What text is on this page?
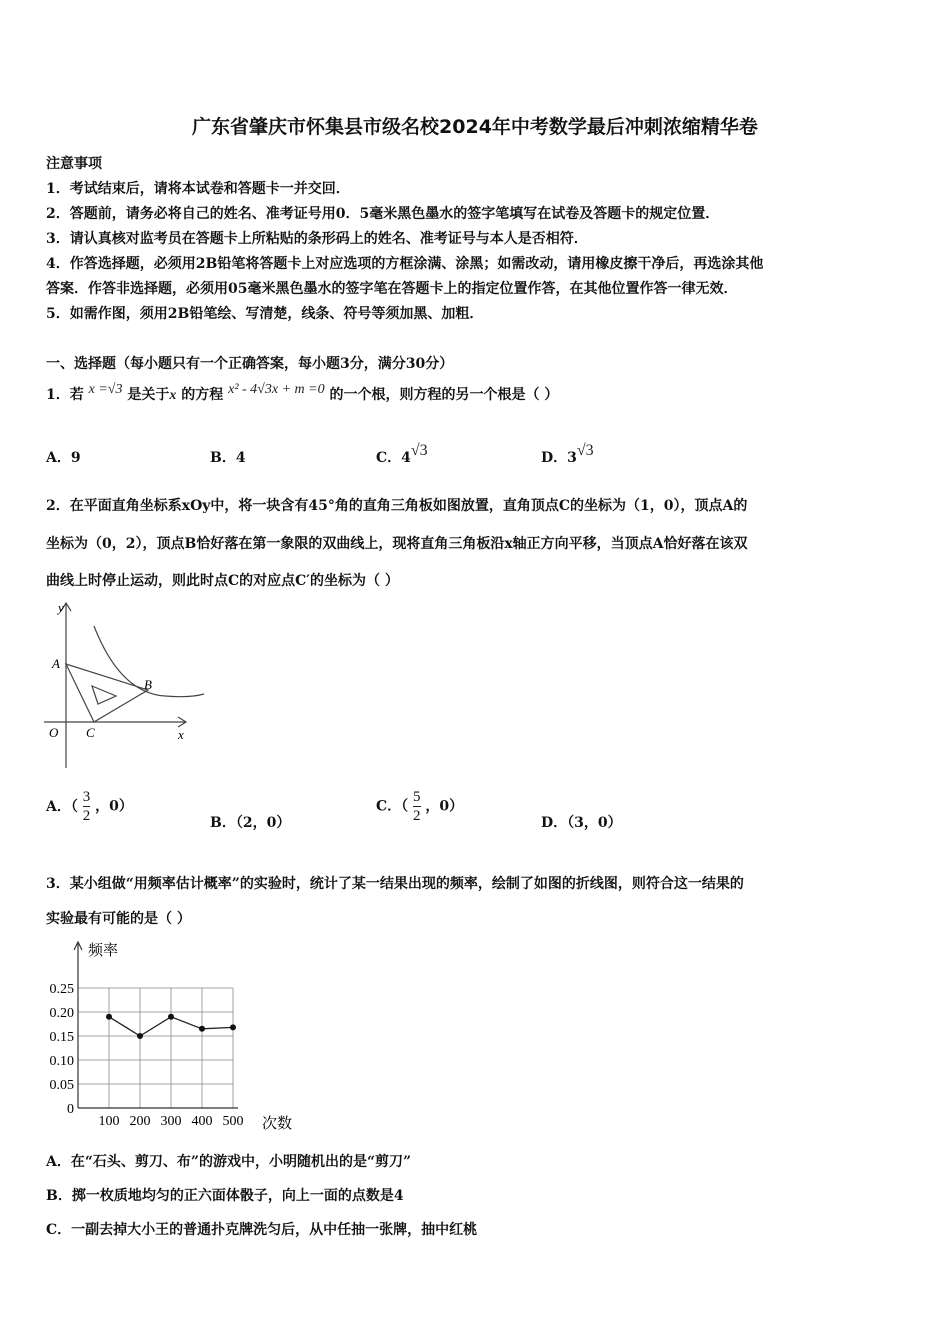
广东省肇庆市怀集县市级名校2024年中考数学最后冲刺浓缩精华卷
注意事项
1．考试结束后，请将本试卷和答题卡一并交回．
2．答题前，请务必将自己的姓名、准考证号用0．5毫米黑色墨水的签字笔填写在试卷及答题卡的规定位置．
3．请认真核对监考员在答题卡上所粘贴的条形码上的姓名、准考证号与本人是否相符．
4．作答选择题，必须用2B铅笔将答题卡上对应选项的方框涂满、涂黑；如需改动，请用橡皮擦干净后，再选涂其他
答案．作答非选择题，必须用05毫米黑色墨水的签字笔在答题卡上的指定位置作答，在其他位置作答一律无效．
5．如需作图，须用2B铅笔绘、写清楚，线条、符号等须加黑、加粗．
一、选择题（每小题只有一个正确答案，每小题3分，满分30分）
1．若 x =√3 是关于x 的方程 x² - 4√3x + m =0 的一个根，则方程的另一个根是（ ）
A．9	B．4	C．4√3	D．3√3
2．在平面直角坐标系xOy中，将一块含有45°角的直角三角板如图放置，直角顶点C的坐标为（1，0），顶点A的
坐标为（0，2），顶点B恰好落在第一象限的双曲线上，现将直角三角板沿x轴正方向平移，当顶点A恰好落在该双
曲线上时停止运动，则此时点C的对应点C′的坐标为（ ）
y
x
A
B
O C
A．（ $\frac{3}{2}$ ，0）
B．（2，0）
C．（ $\frac{5}{2}$ ，0）
D．（3，0）
3．某小组做“用频率估计概率”的实验时，统计了某一结果出现的频率，绘制了如图的折线图，则符合这一结果的
实验最有可能的是（ ）
频率
次数
0.25
0.20
0.15
0.10
0.05
0
100 200 300 400 500
A．在“石头、剪刀、布”的游戏中，小明随机出的是“剪刀”
B．掷一枚质地均匀的正六面体骰子，向上一面的点数是4
C．一副去掉大小王的普通扑克牌洗匀后，从中任抽一张牌，抽中红桃
